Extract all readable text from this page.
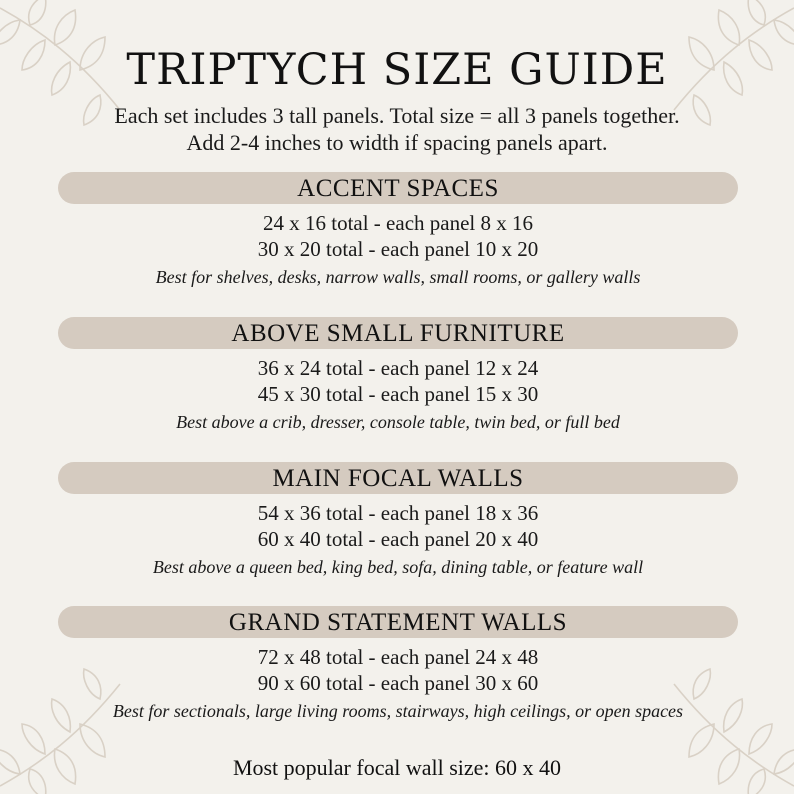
TRIPTYCH SIZE GUIDE
Each set includes 3 tall panels. Total size = all 3 panels together.
Add 2-4 inches to width if spacing panels apart.
ACCENT SPACES
24 x 16 total - each panel 8 x 16
30 x 20 total - each panel 10 x 20
Best for shelves, desks, narrow walls, small rooms, or gallery walls
ABOVE SMALL FURNITURE
36 x 24 total - each panel 12 x 24
45 x 30 total - each panel 15 x 30
Best above a crib, dresser, console table, twin bed, or full bed
MAIN FOCAL WALLS
54 x 36 total - each panel 18 x 36
60 x 40 total - each panel 20 x 40
Best above a queen bed, king bed, sofa, dining table, or feature wall
GRAND STATEMENT WALLS
72 x 48 total - each panel 24 x 48
90 x 60 total - each panel 30 x 60
Best for sectionals, large living rooms, stairways, high ceilings, or open spaces
Most popular focal wall size: 60 x 40
